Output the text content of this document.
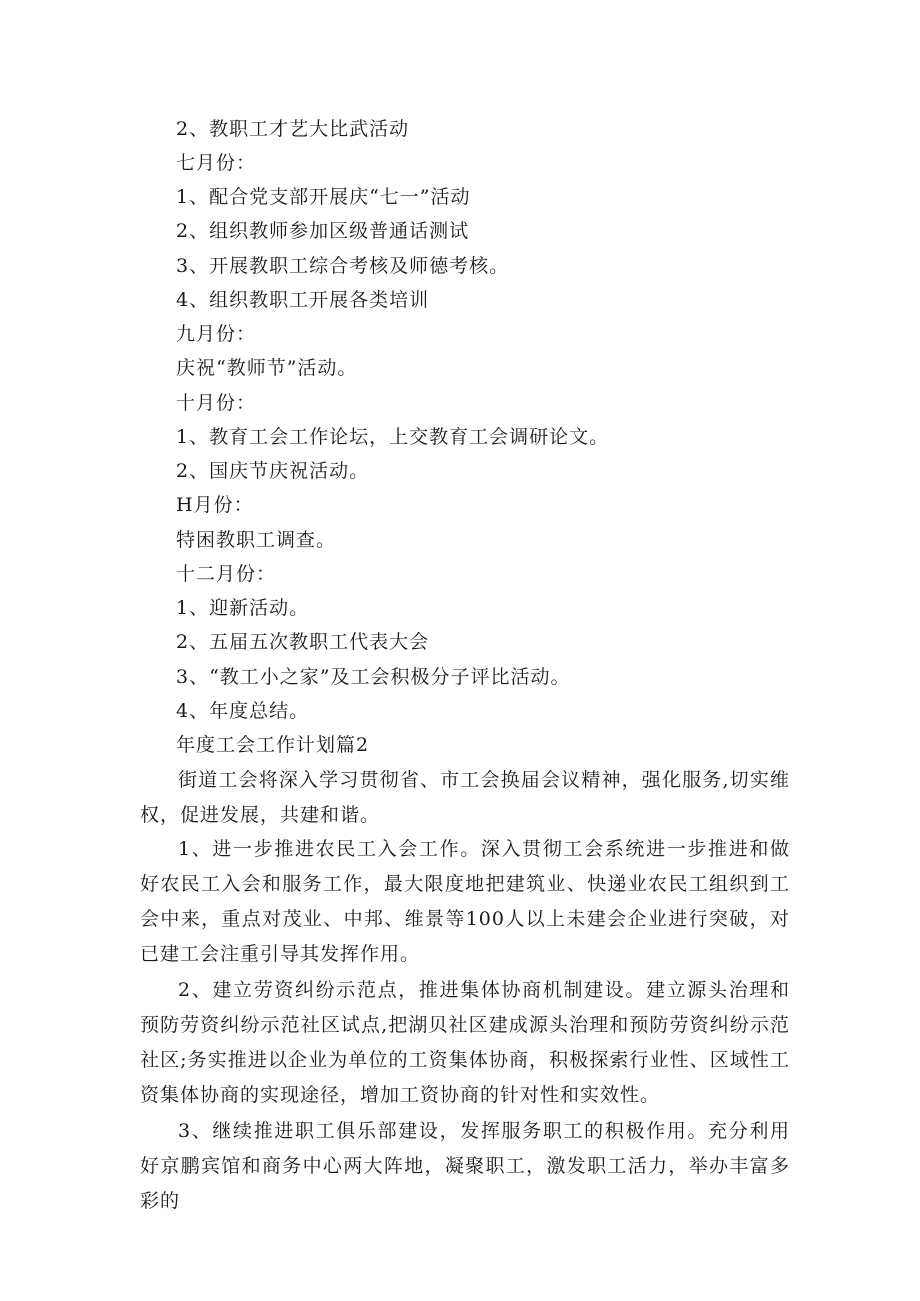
2、教职工才艺大比武活动
七月份：
1、配合党支部开展庆“七一”活动
2、组织教师参加区级普通话测试
3、开展教职工综合考核及师德考核。
4、组织教职工开展各类培训
九月份：
庆祝“教师节”活动。
十月份：
1、教育工会工作论坛，上交教育工会调研论文。
2、国庆节庆祝活动。
H月份：
特困教职工调查。
十二月份：
1、迎新活动。
2、五届五次教职工代表大会
3、“教工小之家”及工会积极分子评比活动。
4、年度总结。
年度工会工作计划篇2
街道工会将深入学习贯彻省、市工会换届会议精神，强化服务,切实维权，促进发展，共建和谐。
1、进一步推进农民工入会工作。深入贯彻工会系统进一步推进和做好农民工入会和服务工作，最大限度地把建筑业、快递业农民工组织到工会中来，重点对茂业、中邦、维景等100人以上未建会企业进行突破，对已建工会注重引导其发挥作用。
2、建立劳资纠纷示范点，推进集体协商机制建设。建立源头治理和预防劳资纠纷示范社区试点,把湖贝社区建成源头治理和预防劳资纠纷示范社区;务实推进以企业为单位的工资集体协商，积极探索行业性、区域性工资集体协商的实现途径，增加工资协商的针对性和实效性。
3、继续推进职工俱乐部建设，发挥服务职工的积极作用。充分利用好京鹏宾馆和商务中心两大阵地，凝聚职工，激发职工活力，举办丰富多彩的
